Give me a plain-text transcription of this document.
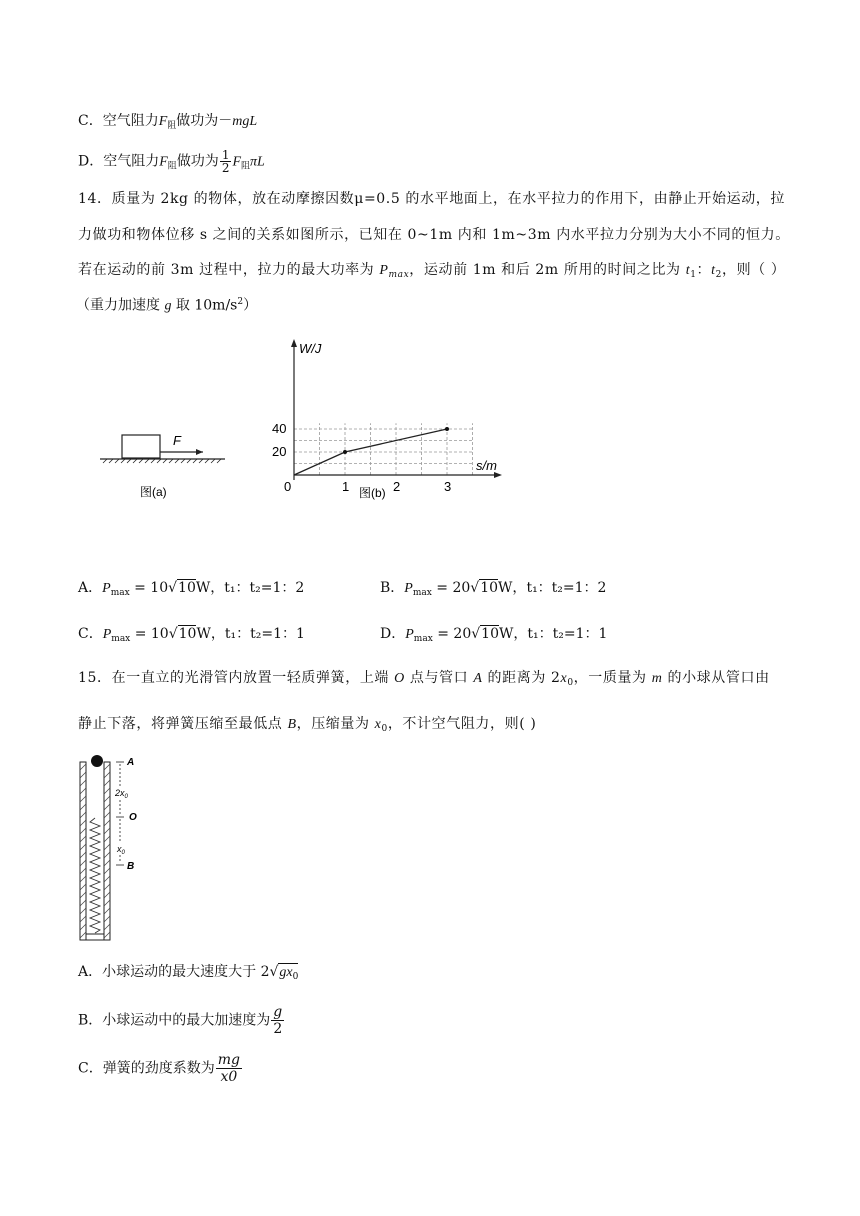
C．空气阻力$F_阻$做功为－mgL
D．空气阻力$F_阻$做功为 $\frac{1}{2} F_阻\pi L$
14．质量为 2kg 的物体，放在动摩擦因数μ=0.5 的水平地面上，在水平拉力的作用下，由静止开始运动，拉
力做功和物体位移 s 之间的关系如图所示，已知在 0~1m 内和 1m~3m 内水平拉力分别为大小不同的恒力。
若在运动的前 3m 过程中，拉力的最大功率为 $P_{max}$，运动前 1m 和后 2m 所用的时间之比为 $t_1$：$t_2$，则（ ）
（重力加速度 g 取 $10m/s^2$）
F
图(a)
W/J
s/m
0	1	2	3
20
40
图(b)
A．$P_{max} = 10√10W$，t₁：t₂=1：2	B．$P_{max} = 20√10W$，t₁：t₂=1：2
C．$P_{max} = 10√10W$，t₁：t₂=1：1	D．$P_{max} = 20√10W$，t₁：t₂=1：1
15．在一直立的光滑管内放置一轻质弹簧，上端 O 点与管口 A 的距离为 $2x_0$，一质量为 m 的小球从管口由
静止下落，将弹簧压缩至最低点 B，压缩量为 $x_0$，不计空气阻力，则( )
A
O
B
$2x_0$
$x_0$
A．小球运动的最大速度大于 $2√gx_0$
B．小球运动中的最大加速度为 $\frac{g}{2}$
C．弹簧的劲度系数为 $\frac{mg}{x0}$
